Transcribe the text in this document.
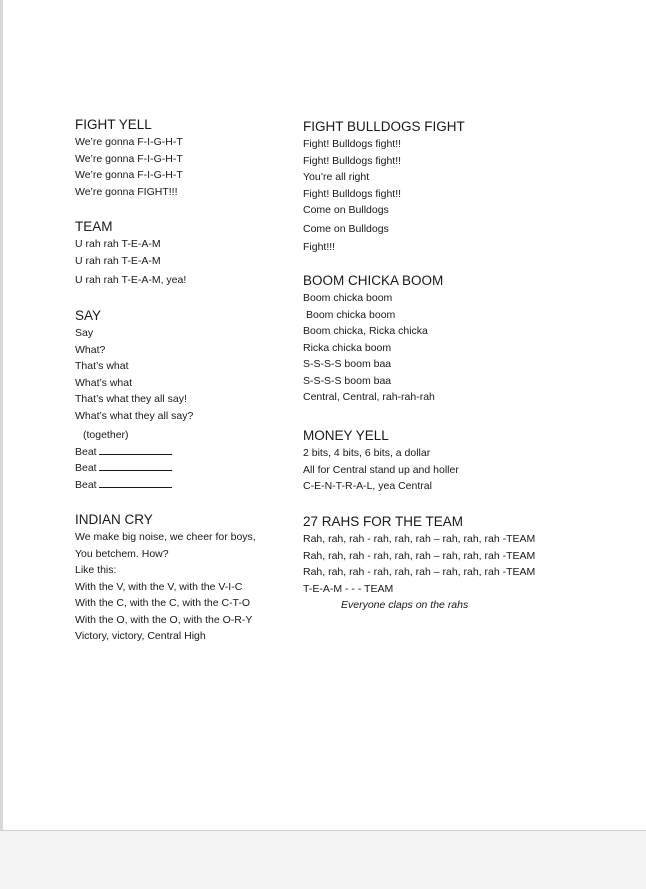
FIGHT YELL
We’re gonna F-I-G-H-T
We’re gonna F-I-G-H-T
We’re gonna F-I-G-H-T
We’re gonna FIGHT!!!
TEAM
U rah rah T-E-A-M
U rah rah T-E-A-M
U rah rah T-E-A-M, yea!
SAY
Say
What?
That’s what
What’s what
That’s what they all say!
What’s what they all say?
(together)
Beat
Beat
Beat
INDIAN CRY
We make big noise, we cheer for boys,
You betchem. How?
Like this:
With the V, with the V, with the V-I-C
With the C, with the C, with the C-T-O
With the O, with the O, with the O-R-Y
Victory, victory, Central High
FIGHT BULLDOGS FIGHT
Fight! Bulldogs fight!!
Fight! Bulldogs fight!!
You’re all right
Fight! Bulldogs fight!!
Come on Bulldogs
Come on Bulldogs
Fight!!!
BOOM CHICKA BOOM
Boom chicka boom
Boom chicka boom
Boom chicka, Ricka chicka
Ricka chicka boom
S-S-S-S boom baa
S-S-S-S boom baa
Central, Central, rah-rah-rah
MONEY YELL
2 bits, 4 bits, 6 bits, a dollar
All for Central stand up and holler
C-E-N-T-R-A-L, yea Central
27 RAHS FOR THE TEAM
Rah, rah, rah - rah, rah, rah – rah, rah, rah -TEAM
Rah, rah, rah - rah, rah, rah – rah, rah, rah -TEAM
Rah, rah, rah - rah, rah, rah – rah, rah, rah -TEAM
T-E-A-M - - - TEAM
Everyone claps on the rahs
